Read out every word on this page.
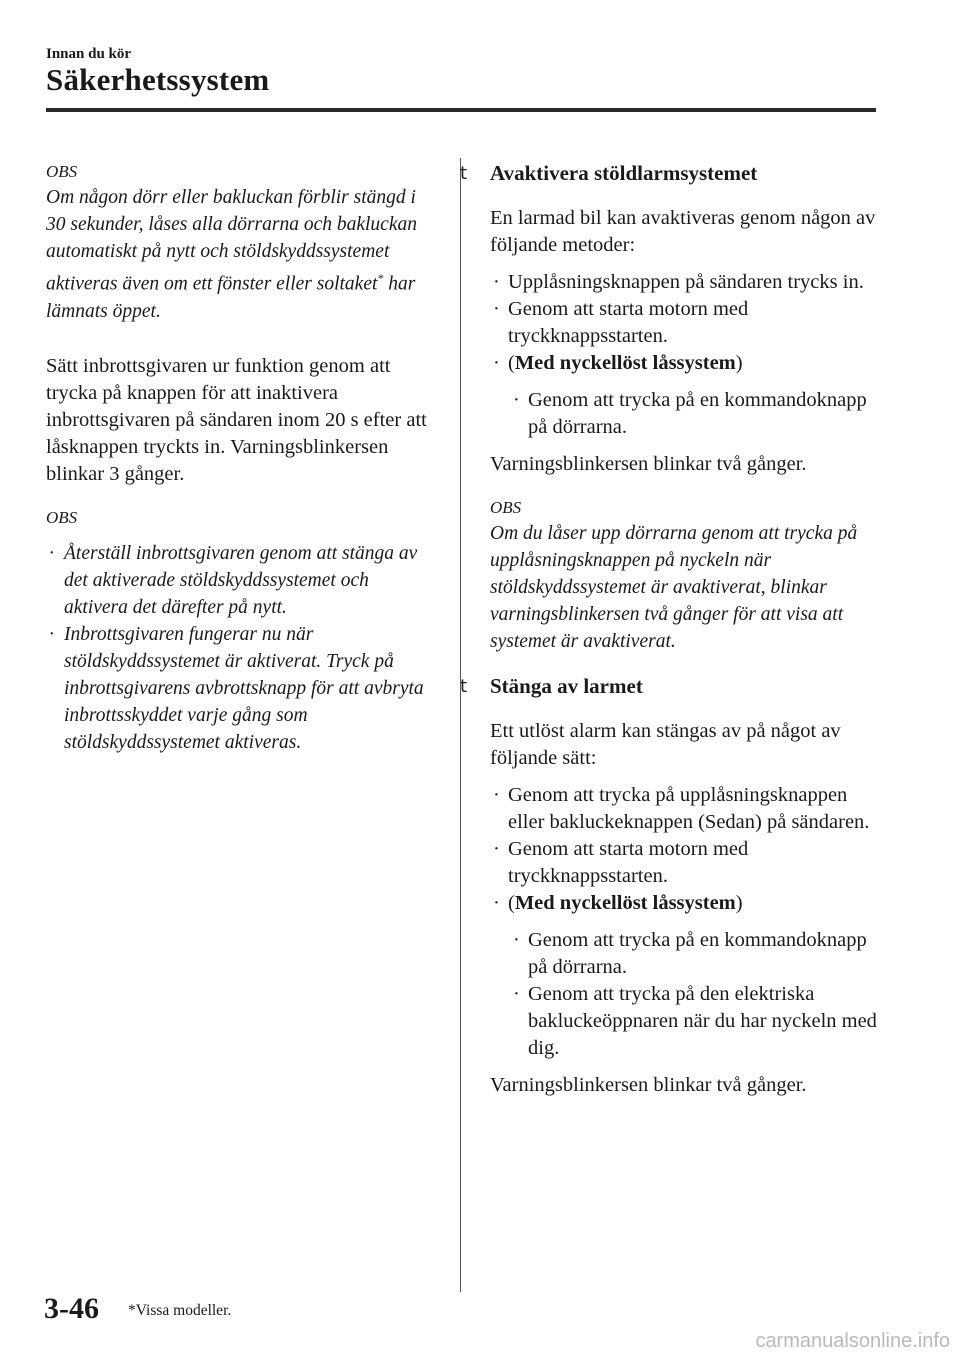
Innan du kör
Säkerhetssystem
OBS

Om någon dörr eller bakluckan förblir stängd i 30 sekunder, låses alla dörrarna och bakluckan automatiskt på nytt och stöldskyddssystemet aktiveras även om ett fönster eller soltaket* har lämnats öppet.

Sätt inbrottsgivaren ur funktion genom att trycka på knappen för att inaktivera inbrottsgivaren på sändaren inom 20 s efter att låsknappen tryckts in. Varningsblinkersen blinkar 3 gånger.

OBS
· Återställ inbrottsgivaren genom att stänga av det aktiverade stöldskyddssystemet och aktivera det därefter på nytt.
· Inbrottsgivaren fungerar nu när stöldskyddssystemet är aktiverat. Tryck på inbrottsgivarens avbrottsknapp för att avbryta inbrottsskyddet varje gång som stöldskyddssystemet aktiveras.
t Avaktivera stöldlarmsystemet

En larmad bil kan avaktiveras genom någon av följande metoder:

· Upplåsningsknappen på sändaren trycks in.
· Genom att starta motorn med tryckknappsstarten.
· (Med nyckellöst låssystem)
· Genom att trycka på en kommandoknapp på dörrarna.

Varningsblinkersen blinkar två gånger.

OBS

Om du låser upp dörrarna genom att trycka på upplåsningsknappen på nyckeln när stöldskyddssystemet är avaktiverat, blinkar varningsblinkersen två gånger för att visa att systemet är avaktiverat.

t Stänga av larmet

Ett utlöst alarm kan stängas av på något av följande sätt:

· Genom att trycka på upplåsningsknappen eller bakluckeknappen (Sedan) på sändaren.
· Genom att starta motorn med tryckknappsstarten.
· (Med nyckellöst låssystem)
· Genom att trycka på en kommandoknapp på dörrarna.
· Genom att trycka på den elektriska bakluckeöppnaren när du har nyckeln med dig.

Varningsblinkersen blinkar två gånger.

3-46 *Vissa modeller.
carmanualsonline.info
